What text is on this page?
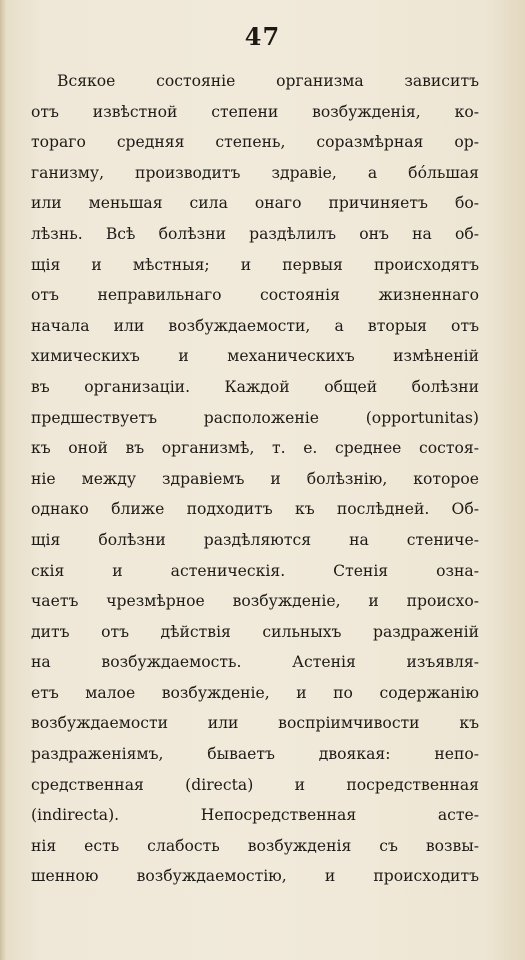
47
Всякое состояніе организма зависитъ
отъ извѣстной степени возбужденія, ко-
тораго средняя степень, соразмѣрная ор-
ганизму, производитъ здравіе, а бо́льшая
или меньшая сила онаго причиняетъ бо-
лѣзнь. Всѣ болѣзни раздѣлилъ онъ на об-
щія и мѣстныя; и первыя происходятъ
отъ неправильнаго состоянія жизненнаго
начала или возбуждаемости, а вторыя отъ
химическихъ и механическихъ измѣненій
въ организаціи. Каждой общей болѣзни
предшествуетъ расположеніе (opportunitas)
къ оной въ организмѣ, т. е. среднее состоя-
ніе между здравіемъ и болѣзнію, которое
однако ближе подходитъ къ послѣдней. Об-
щія болѣзни раздѣляются на стениче-
скія и астеническія. Стенія озна-
чаетъ чрезмѣрное возбужденіе, и происхо-
дитъ отъ дѣйствія сильныхъ раздраженій
на возбуждаемость. Астенія изъявля-
етъ малое возбужденіе, и по содержанію
возбуждаемости или воспріимчивости къ
раздраженіямъ, бываетъ двоякая: непо-
средственная (directa) и посредственная
(indirecta). Непосредственная асте-
нія есть слабость возбужденія съ возвы-
шенною возбуждаемостію, и происходитъ
